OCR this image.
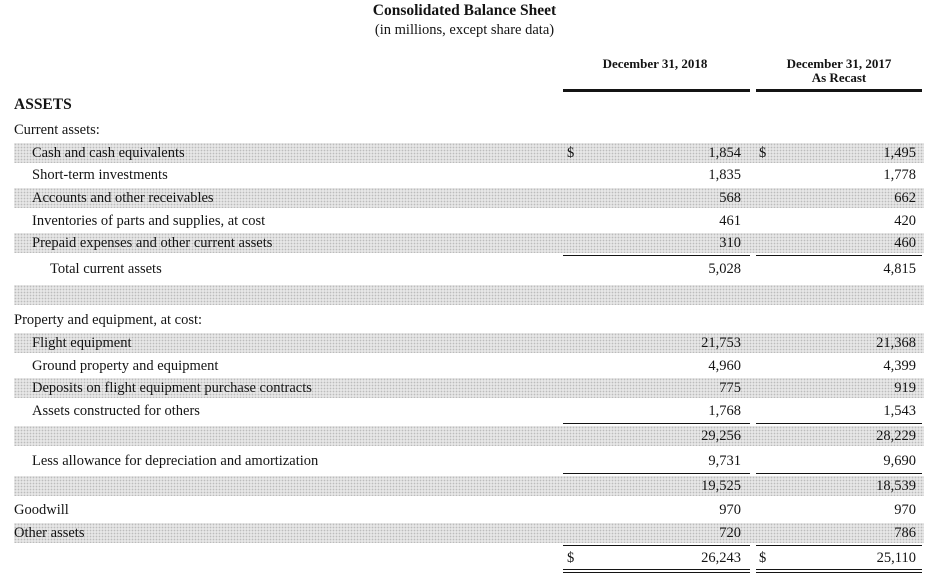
Consolidated Balance Sheet
(in millions, except share data)
December 31, 2018	December 31, 2017
As Recast
ASSETS
Current assets:
Cash and cash equivalents	$	1,854 $	1,495
Short-term investments	1,835	1,778
Accounts and other receivables	568	662
Inventories of parts and supplies, at cost	461	420
Prepaid expenses and other current assets	310	460
Total current assets	5,028	4,815
Property and equipment, at cost:
Flight equipment	21,753	21,368
Ground property and equipment	4,960	4,399
Deposits on flight equipment purchase contracts	775	919
Assets constructed for others	1,768	1,543
29,256	28,229
Less allowance for depreciation and amortization	9,731	9,690
19,525	18,539
Goodwill	970	970
Other assets	720	786
$	26,243 $	25,110
